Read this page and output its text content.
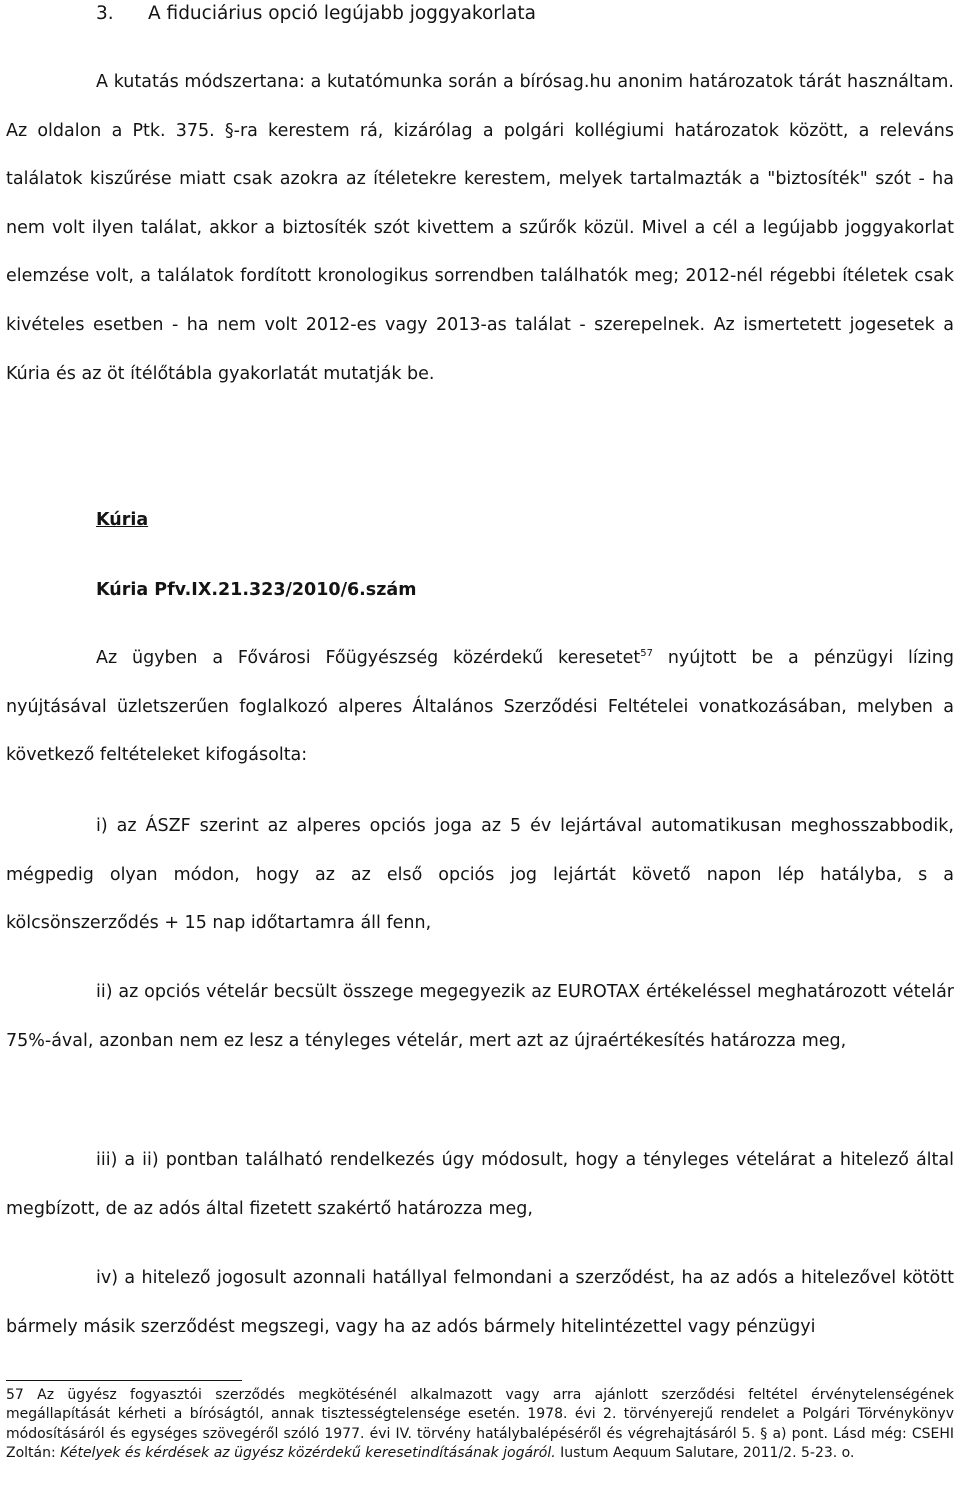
3. A fiduciárius opció legújabb joggyakorlata

A kutatás módszertana: a kutatómunka során a bírósag.hu anonim határozatok tárát használtam. Az oldalon a Ptk. 375. §-ra kerestem rá, kizárólag a polgári kollégiumi határozatok között, a releváns találatok kiszűrése miatt csak azokra az ítéletekre kerestem, melyek tartalmazták a "biztosíték" szót - ha nem volt ilyen találat, akkor a biztosíték szót kivettem a szűrők közül. Mivel a cél a legújabb joggyakorlat elemzése volt, a találatok fordított kronologikus sorrendben találhatók meg; 2012-nél régebbi ítéletek csak kivételes esetben - ha nem volt 2012-es vagy 2013-as találat - szerepelnek. Az ismertetett jogesetek a Kúria és az öt ítélőtábla gyakorlatát mutatják be.

Kúria
Kúria Pfv.IX.21.323/2010/6.szám

Az ügyben a Fővárosi Főügyészség közérdekű keresetet$^{57}$ nyújtott be a pénzügyi lízing nyújtásával üzletszerűen foglalkozó alperes Általános Szerződési Feltételei vonatkozásában, melyben a következő feltételeket kifogásolta:

i) az ÁSZF szerint az alperes opciós joga az 5 év lejártával automatikusan meghosszabbodik, mégpedig olyan módon, hogy az az első opciós jog lejártát követő napon lép hatályba, s a kölcsönszerződés + 15 nap időtartamra áll fenn,

ii) az opciós vételár becsült összege megegyezik az EUROTAX értékeléssel meghatározott vételár 75%-ával, azonban nem ez lesz a tényleges vételár, mert azt az újraértékesítés határozza meg,

iii) a ii) pontban található rendelkezés úgy módosult, hogy a tényleges vételárat a hitelező által megbízott, de az adós által fizetett szakértő határozza meg,

iv) a hitelező jogosult azonnali hatállyal felmondani a szerződést, ha az adós a hitelezővel kötött bármely másik szerződést megszegi, vagy ha az adós bármely hitelintézettel vagy pénzügyi

57 Az ügyész fogyasztói szerződés megkötésénél alkalmazott vagy arra ajánlott szerződési feltétel érvénytelenségének megállapítását kérheti a bíróságtól, annak tisztességtelensége esetén. 1978. évi 2. törvényerejű rendelet a Polgári Törvénykönyv módosításáról és egységes szövegéről szóló 1977. évi IV. törvény hatálybalépéséről és végrehajtásáról 5. § a) pont. Lásd még: CSEHI Zoltán: Kételyek és kérdések az ügyész közérdekű keresetindításának jogáról. Iustum Aequum Salutare, 2011/2. 5-23. o.
